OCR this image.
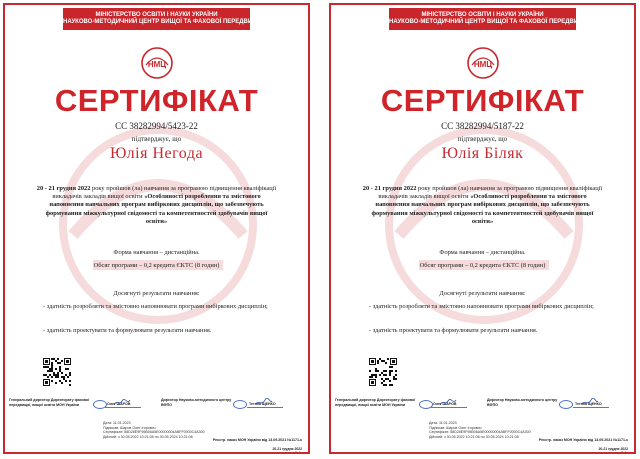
МІНІСТЕРСТВО ОСВІТИ І НАУКИ УКРАЇНИ
НАУКОВО-МЕТОДИЧНИЙ ЦЕНТР ВИЩОЇ ТА ФАХОВОЇ ПЕРЕДВИЩОЇ ОСВІТИ
НМЦ
СЕРТИФІКАТ
СС 38282994/5423-22
підтверджує, що
Юлія Негода
20 - 21 грудня 2022 року пройшов (ла) навчання за програмою підвищення кваліфікації викладачів закладів вищої освіти «Особливості розроблення та змістового наповнення навчальних програм вибіркових дисциплін, що забезпечують формування міжкультурної свідомості та компетентностей здобувачів вищої освіти»
Форма навчання – дистанційна.
Обсяг програми – 0,2 кредита ЄКТС (8 годин)
Досягнуті результати навчання:
- здатність розробляти та змістовно наповнювати програми вибіркових дисциплін;
- здатність проектувати та формулювати результати навчання.
Генеральний директор Директорату фахової передвищої, вищої освіти МОН України	Олег ШАРОВ
Директор Науково-методичного центру ВФПО	Тетяна ЩЕНКО
Дата: 11.01.2023
Підписав: Шаров Олег Ігорович
Сертифікат: 58D28E9F95B06A5E00000004ABFF0000C4A300
Дійсний: з 30.05.2022 10:21:08 по 30.05.2024 10:21:08
Реєстр. наказ МОН України від 13.09.2021 №1171-к
20-21 грудня 2022
м. Київ
МІНІСТЕРСТВО ОСВІТИ І НАУКИ УКРАЇНИ
НАУКОВО-МЕТОДИЧНИЙ ЦЕНТР ВИЩОЇ ТА ФАХОВОЇ ПЕРЕДВИЩОЇ ОСВІТИ
НМЦ
СЕРТИФІКАТ
СС 38282994/5187-22
підтверджує, що
Юлія Біляк
20 - 21 грудня 2022 року пройшов (ла) навчання за програмою підвищення кваліфікації викладачів закладів вищої освіти «Особливості розроблення та змістового наповнення навчальних програм вибіркових дисциплін, що забезпечують формування міжкультурної свідомості та компетентностей здобувачів вищої освіти»
Форма навчання – дистанційна.
Обсяг програми – 0,2 кредита ЄКТС (8 годин)
Досягнуті результати навчання:
- здатність розробляти та змістовно наповнювати програми вибіркових дисциплін;
- здатність проектувати та формулювати результати навчання.
Генеральний директор Директорату фахової передвищої, вищої освіти МОН України	Олег ШАРОВ
Директор Науково-методичного центру ВФПО	Тетяна ЩЕНКО
Дата: 11.01.2023
Підписав: Шаров Олег Ігорович
Сертифікат: 58D28E9F95B06A5E00000004ABFF0000C4A300
Дійсний: з 30.05.2022 10:21:08 по 30.05.2024 10:21:08
Реєстр. наказ МОН України від 13.09.2021 №1171-к
20-21 грудня 2022
м. Київ
